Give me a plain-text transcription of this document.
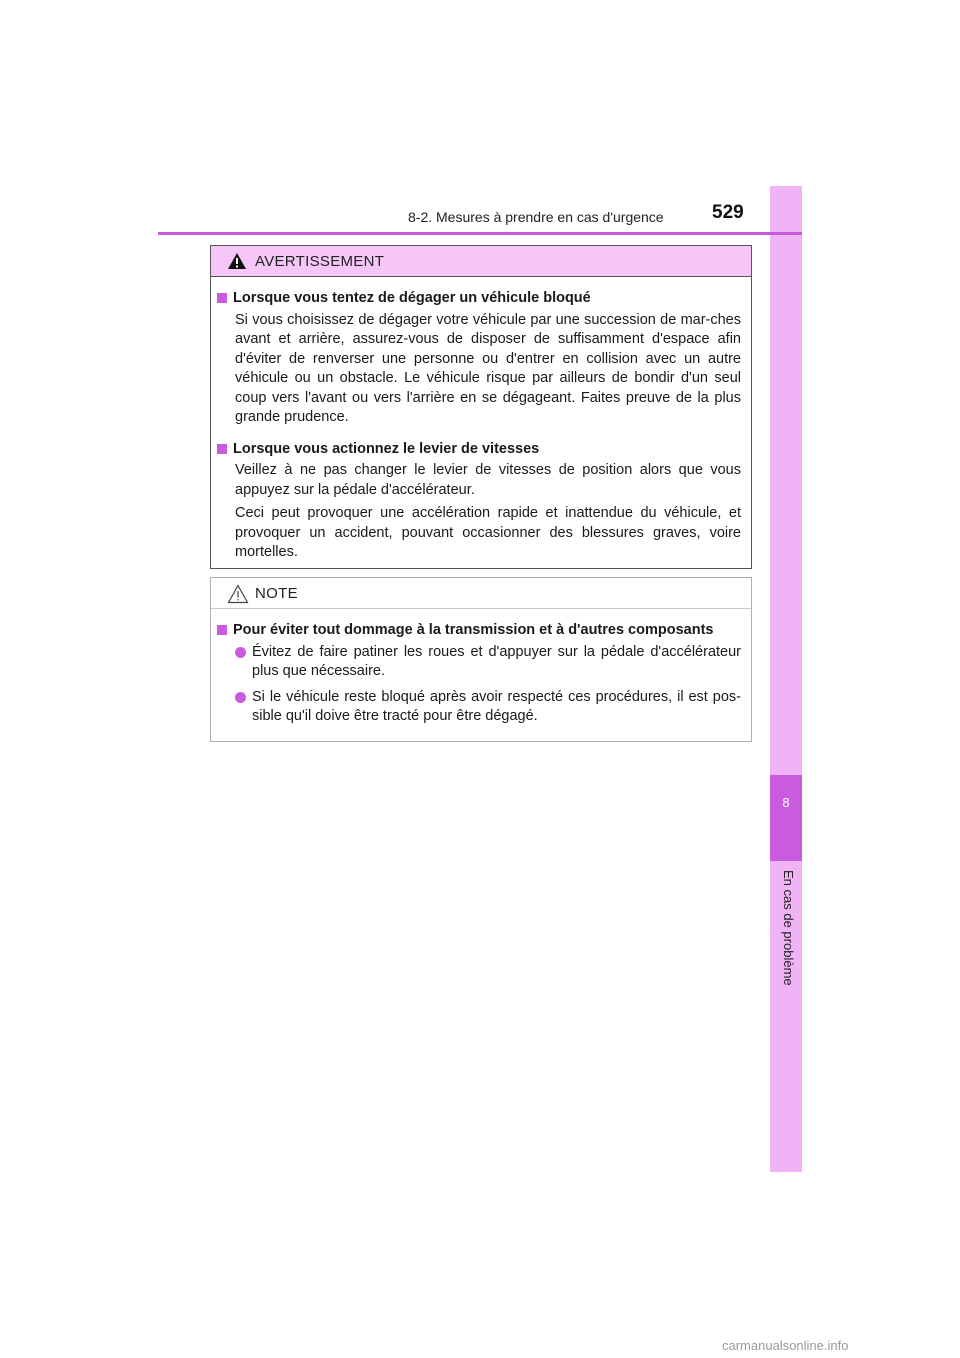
8
En cas de problème
8-2. Mesures à prendre en cas d'urgence	529
AVERTISSEMENT
Lorsque vous tentez de dégager un véhicule bloqué

Si vous choisissez de dégager votre véhicule par une succession de mar-ches avant et arrière, assurez-vous de disposer de suffisamment d'espace afin d'éviter de renverser une personne ou d'entrer en collision avec un autre véhicule ou un obstacle. Le véhicule risque par ailleurs de bondir d'un seul coup vers l'avant ou vers l'arrière en se dégageant. Faites preuve de la plus grande prudence.

Lorsque vous actionnez le levier de vitesses

Veillez à ne pas changer le levier de vitesses de position alors que vous appuyez sur la pédale d'accélérateur.

Ceci peut provoquer une accélération rapide et inattendue du véhicule, et provoquer un accident, pouvant occasionner des blessures graves, voire mortelles.

NOTE
Pour éviter tout dommage à la transmission et à d'autres composants
Évitez de faire patiner les roues et d'appuyer sur la pédale d'accélérateur plus que nécessaire.
Si le véhicule reste bloqué après avoir respecté ces procédures, il est pos-sible qu'il doive être tracté pour être dégagé.
carmanualsonline.info
